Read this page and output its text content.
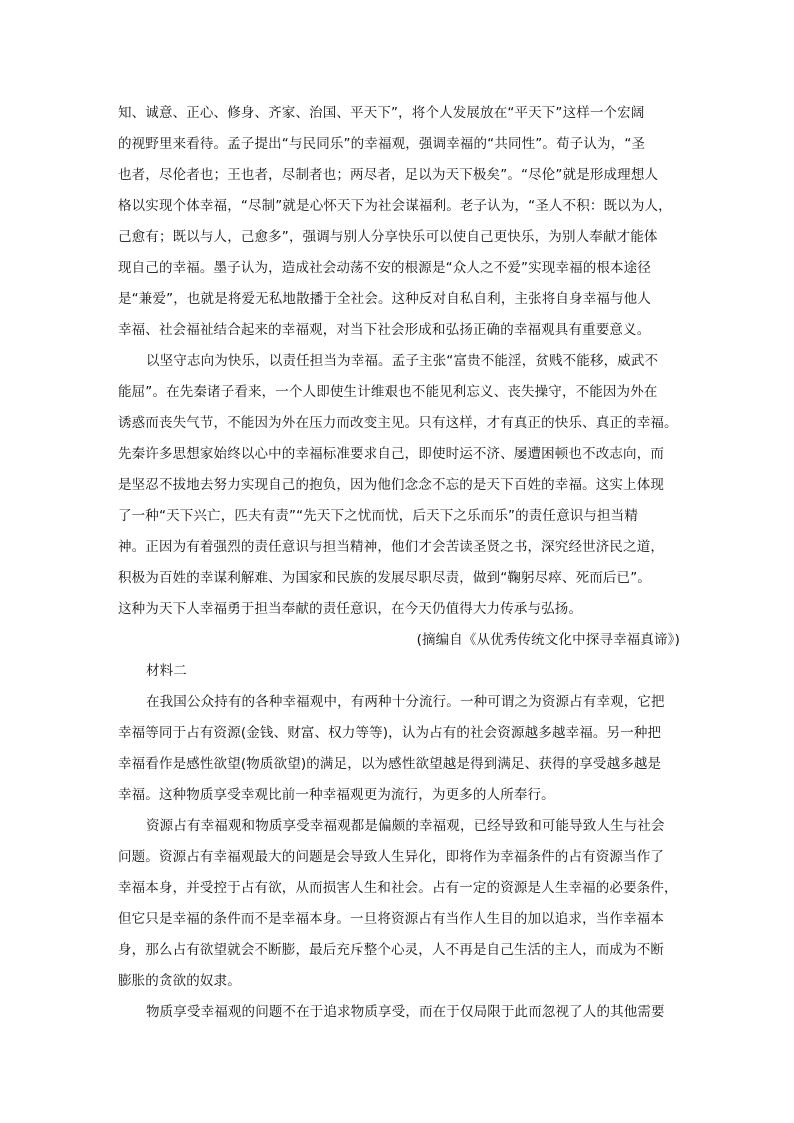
知、诚意、正心、修身、齐家、治国、平天下”，将个人发展放在“平天下”这样一个宏阔
的视野里来看待。孟子提出“与民同乐”的幸福观，强调幸福的“共同性”。荀子认为，“圣
也者，尽伦者也；王也者，尽制者也；两尽者，足以为天下极矣”。“尽伦”就是形成理想人
格以实现个体幸福，“尽制”就是心怀天下为社会谋福利。老子认为，“圣人不积：既以为人，
己愈有；既以与人，己愈多”，强调与别人分享快乐可以使自己更快乐，为别人奉献才能体
现自己的幸福。墨子认为，造成社会动荡不安的根源是“众人之不爱”实现幸福的根本途径
是“兼爱”，也就是将爱无私地散播于全社会。这种反对自私自利，主张将自身幸福与他人
幸福、社会福祉结合起来的幸福观，对当下社会形成和弘扬正确的幸福观具有重要意义。
以坚守志向为快乐，以责任担当为幸福。孟子主张“富贵不能淫，贫贱不能移，威武不
能屈”。在先秦诸子看来，一个人即使生计维艰也不能见利忘义、丧失操守，不能因为外在
诱惑而丧失气节，不能因为外在压力而改变主见。只有这样，才有真正的快乐、真正的幸福。
先秦许多思想家始终以心中的幸福标准要求自己，即使时运不济、屡遭困顿也不改志向，而
是坚忍不拔地去努力实现自己的抱负，因为他们念念不忘的是天下百姓的幸福。这实上体现
了一种“天下兴亡，匹夫有责”“先天下之忧而忧，后天下之乐而乐”的责任意识与担当精
神。正因为有着强烈的责任意识与担当精神，他们才会苦读圣贤之书，深究经世济民之道，
积极为百姓的幸谋利解难、为国家和民族的发展尽职尽责，做到“鞠躬尽瘁、死而后已”。
这种为天下人幸福勇于担当奉献的责任意识，在今天仍值得大力传承与弘扬。
(摘编自《从优秀传统文化中探寻幸福真谛》)
材料二
在我国公众持有的各种幸福观中，有两种十分流行。一种可谓之为资源占有幸观，它把
幸福等同于占有资源(金钱、财富、权力等等)，认为占有的社会资源越多越幸福。另一种把
幸福看作是感性欲望(物质欲望)的满足，以为感性欲望越是得到满足、获得的享受越多越是
幸福。这种物质享受幸观比前一种幸福观更为流行，为更多的人所奉行。
资源占有幸福观和物质享受幸福观都是偏颇的幸福观，已经导致和可能导致人生与社会
问题。资源占有幸福观最大的问题是会导致人生异化，即将作为幸福条件的占有资源当作了
幸福本身，并受控于占有欲，从而损害人生和社会。占有一定的资源是人生幸福的必要条件，
但它只是幸福的条件而不是幸福本身。一旦将资源占有当作人生目的加以追求，当作幸福本
身，那么占有欲望就会不断膨，最后充斥整个心灵，人不再是自己生活的主人，而成为不断
膨胀的贪欲的奴隶。
物质享受幸福观的问题不在于追求物质享受，而在于仅局限于此而忽视了人的其他需要
